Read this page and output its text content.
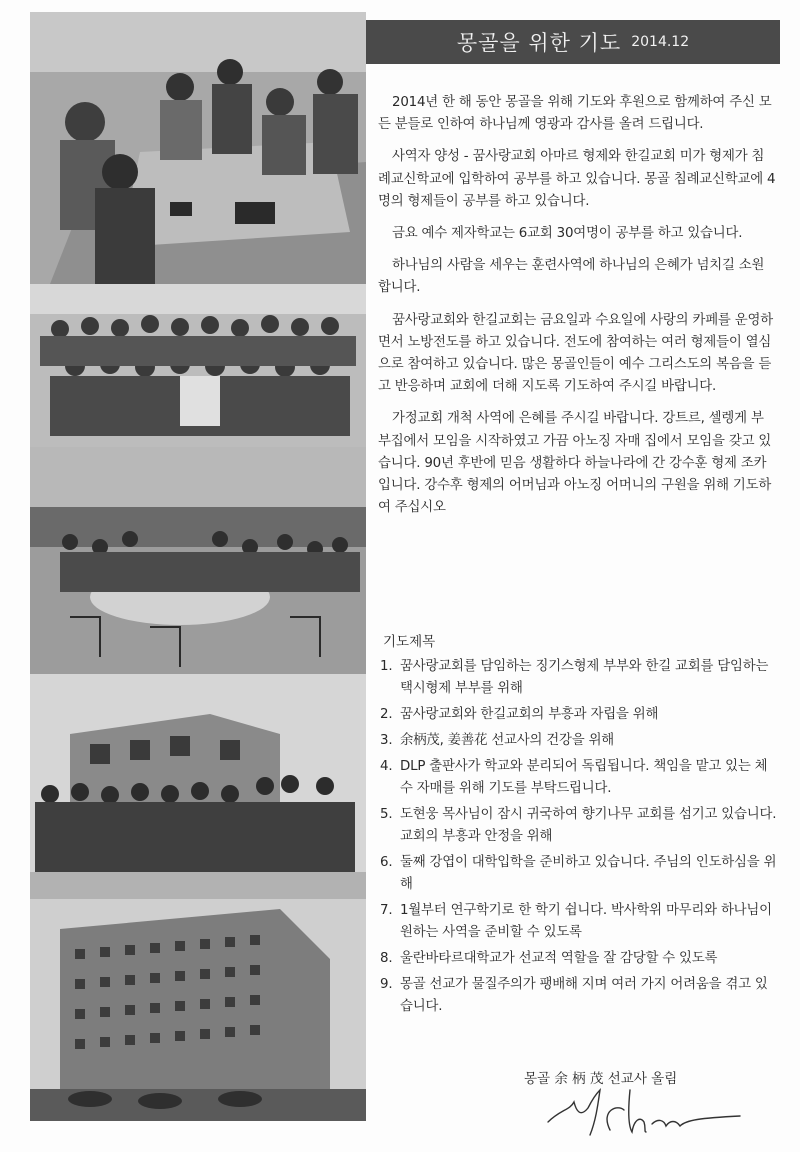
몽골을 위한 기도 2014.12

2014년 한 해 동안 몽골을 위해 기도와 후원으로 함께하여 주신 모든 분들로 인하여 하나님께 영광과 감사를 올려 드립니다.

사역자 양성 - 꿈사랑교회 아마르 형제와 한길교회 미가 형제가 침례교신학교에 입학하여 공부를 하고 있습니다. 몽골 침례교신학교에 4명의 형제들이 공부를 하고 있습니다.

금요 예수 제자학교는 6교회 30여명이 공부를 하고 있습니다.

하나님의 사람을 세우는 훈련사역에 하나님의 은혜가 넘치길 소원합니다.

꿈사랑교회와 한길교회는 금요일과 수요일에 사랑의 카페를 운영하면서 노방전도를 하고 있습니다. 전도에 참여하는 여러 형제들이 열심으로 참여하고 있습니다. 많은 몽골인들이 예수 그리스도의 복음을 듣고 반응하며 교회에 더해 지도록 기도하여 주시길 바랍니다.

가정교회 개척 사역에 은혜를 주시길 바랍니다. 강트르, 셀렝게 부부집에서 모임을 시작하였고 가끔 아노징 자매 집에서 모임을 갖고 있습니다. 90년 후반에 믿음 생활하다 하늘나라에 간 강수훈 형제 조카입니다. 강수후 형제의 어머님과 아노징 어머니의 구원을 위해 기도하여 주십시오

기도제목
1. 꿈사랑교회를 담임하는 징기스형제 부부와 한길 교회를 담임하는 택시형제 부부를 위해
2. 꿈사랑교회와 한길교회의 부흥과 자립을 위해
3. 余柄茂, 姜善花 선교사의 건강을 위해
4. DLP 출판사가 학교와 분리되어 독립됩니다. 책임을 맡고 있는 체수 자매를 위해 기도를 부탁드립니다.
5. 도현웅 목사님이 잠시 귀국하여 향기나무 교회를 섬기고 있습니다. 교회의 부흥과 안정을 위해
6. 둘째 강엽이 대학입학을 준비하고 있습니다. 주님의 인도하심을 위해
7. 1월부터 연구학기로 한 학기 쉽니다. 박사학위 마무리와 하나님이 원하는 사역을 준비할 수 있도록
8. 울란바타르대학교가 선교적 역할을 잘 감당할 수 있도록
9. 몽골 선교가 물질주의가 팽배해 지며 여러 가지 어려움을 겪고 있습니다.
몽골 余 柄 茂 선교사 올림
